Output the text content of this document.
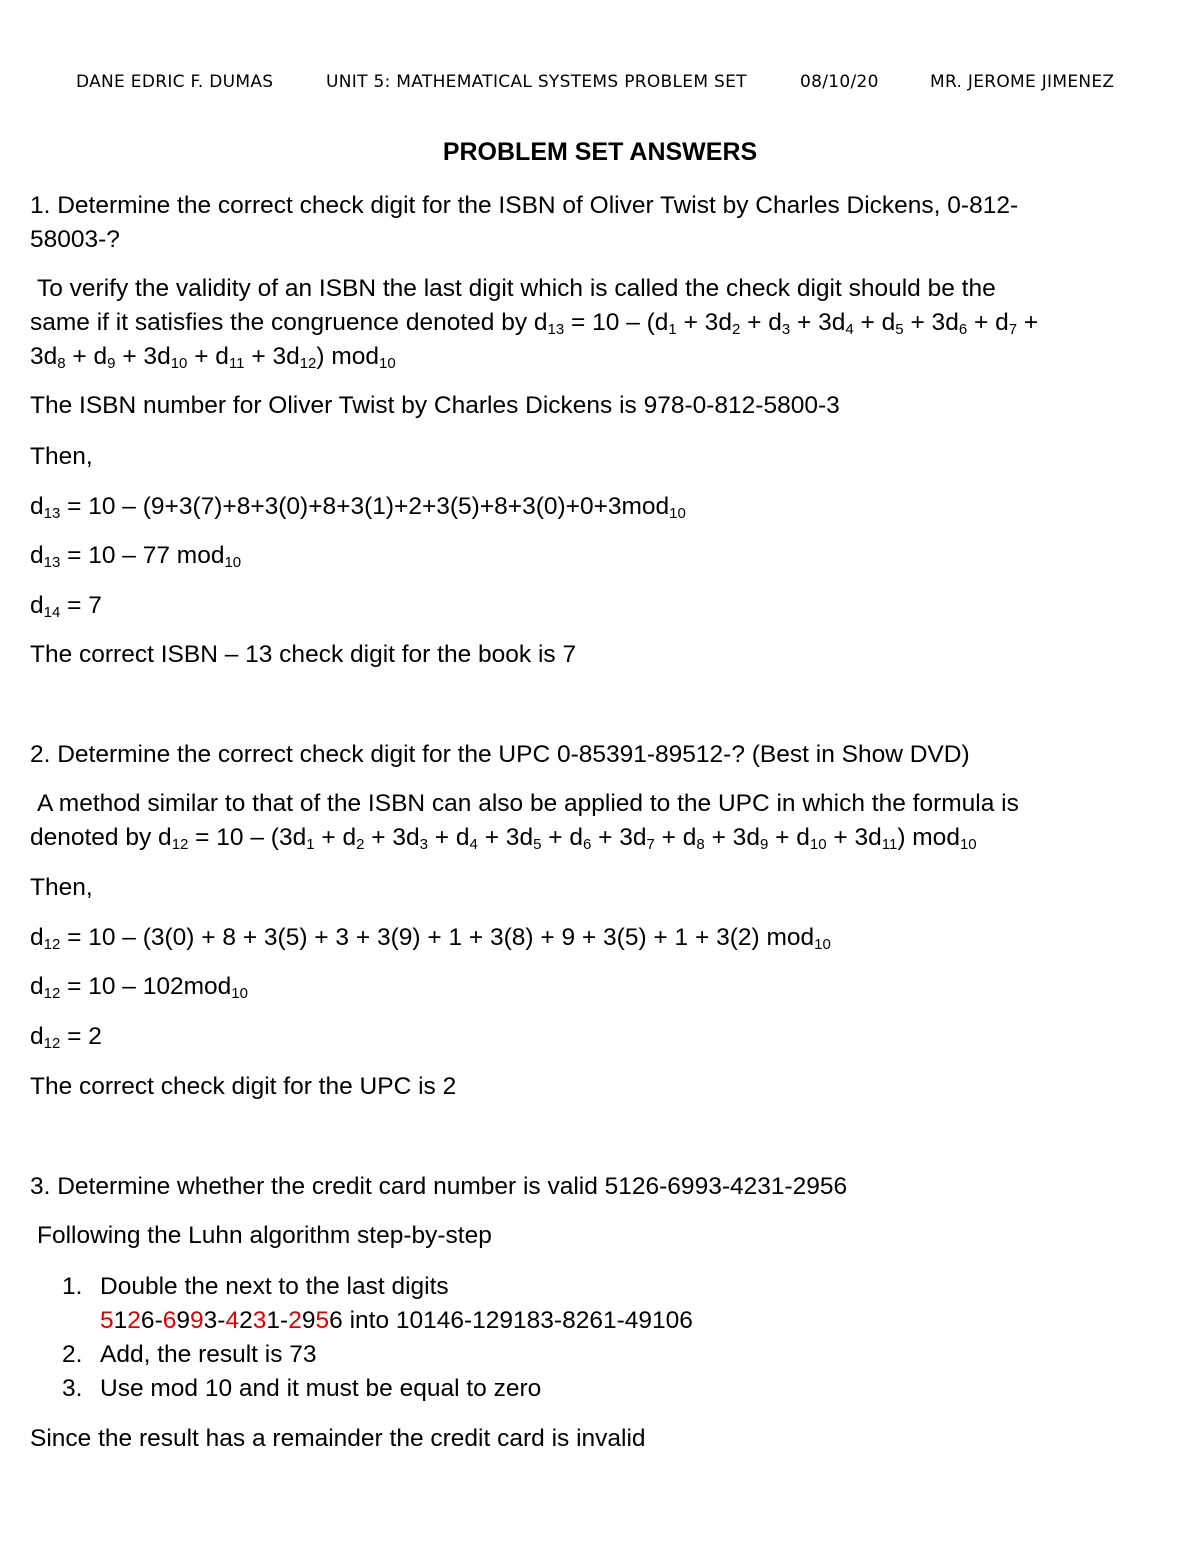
DANE EDRIC F. DUMAS	UNIT 5: MATHEMATICAL SYSTEMS PROBLEM SET	08/10/20	MR. JEROME JIMENEZ
PROBLEM SET ANSWERS
1. Determine the correct check digit for the ISBN of Oliver Twist by Charles Dickens, 0-812-
58003-?
To verify the validity of an ISBN the last digit which is called the check digit should be the
same if it satisfies the congruence denoted by $d_{13} = 10 - (d_1 + 3d_2 + d_3 + 3d_4 + d_5 + 3d_6 + d_7$ +
$3d_8 + d_9 + 3d_{10} + d_{11} + 3d_{12}$) mod$_{10}$
The ISBN number for Oliver Twist by Charles Dickens is 978-0-812-5800-3
Then,
$d_{13} = 10 - (9+3(7)+8+3(0)+8+3(1)+2+3(5)+8+3(0)+0+3mod_{10}$
$d_{13} = 10 - 77$ mod$_{10}$
$d_{14} = 7$
The correct ISBN – 13 check digit for the book is 7
2. Determine the correct check digit for the UPC 0-85391-89512-? (Best in Show DVD)
A method similar to that of the ISBN can also be applied to the UPC in which the formula is
denoted by $d_{12} = 10 - (3d_1 + d_2 + 3d_3 + d_4 + 3d_5 + d_6 + 3d_7 + d_8 + 3d_9 + d_{10} + 3d_{11})$ mod$_{10}$
Then,
$d_{12} = 10 - (3(0) + 8 + 3(5) + 3 + 3(9) + 1 + 3(8) + 9 + 3(5) + 1 + 3(2)$ mod$_{10}$
$d_{12} = 10 - 102mod_{10}$
$d_{12} = 2$
The correct check digit for the UPC is 2
3. Determine whether the credit card number is valid 5126-6993-4231-2956
Following the Luhn algorithm step-by-step
1. Double the next to the last digits
5126-6993-4231-2956 into 10146-129183-8261-49106
2. Add, the result is 73
3. Use mod 10 and it must be equal to zero
Since the result has a remainder the credit card is invalid
